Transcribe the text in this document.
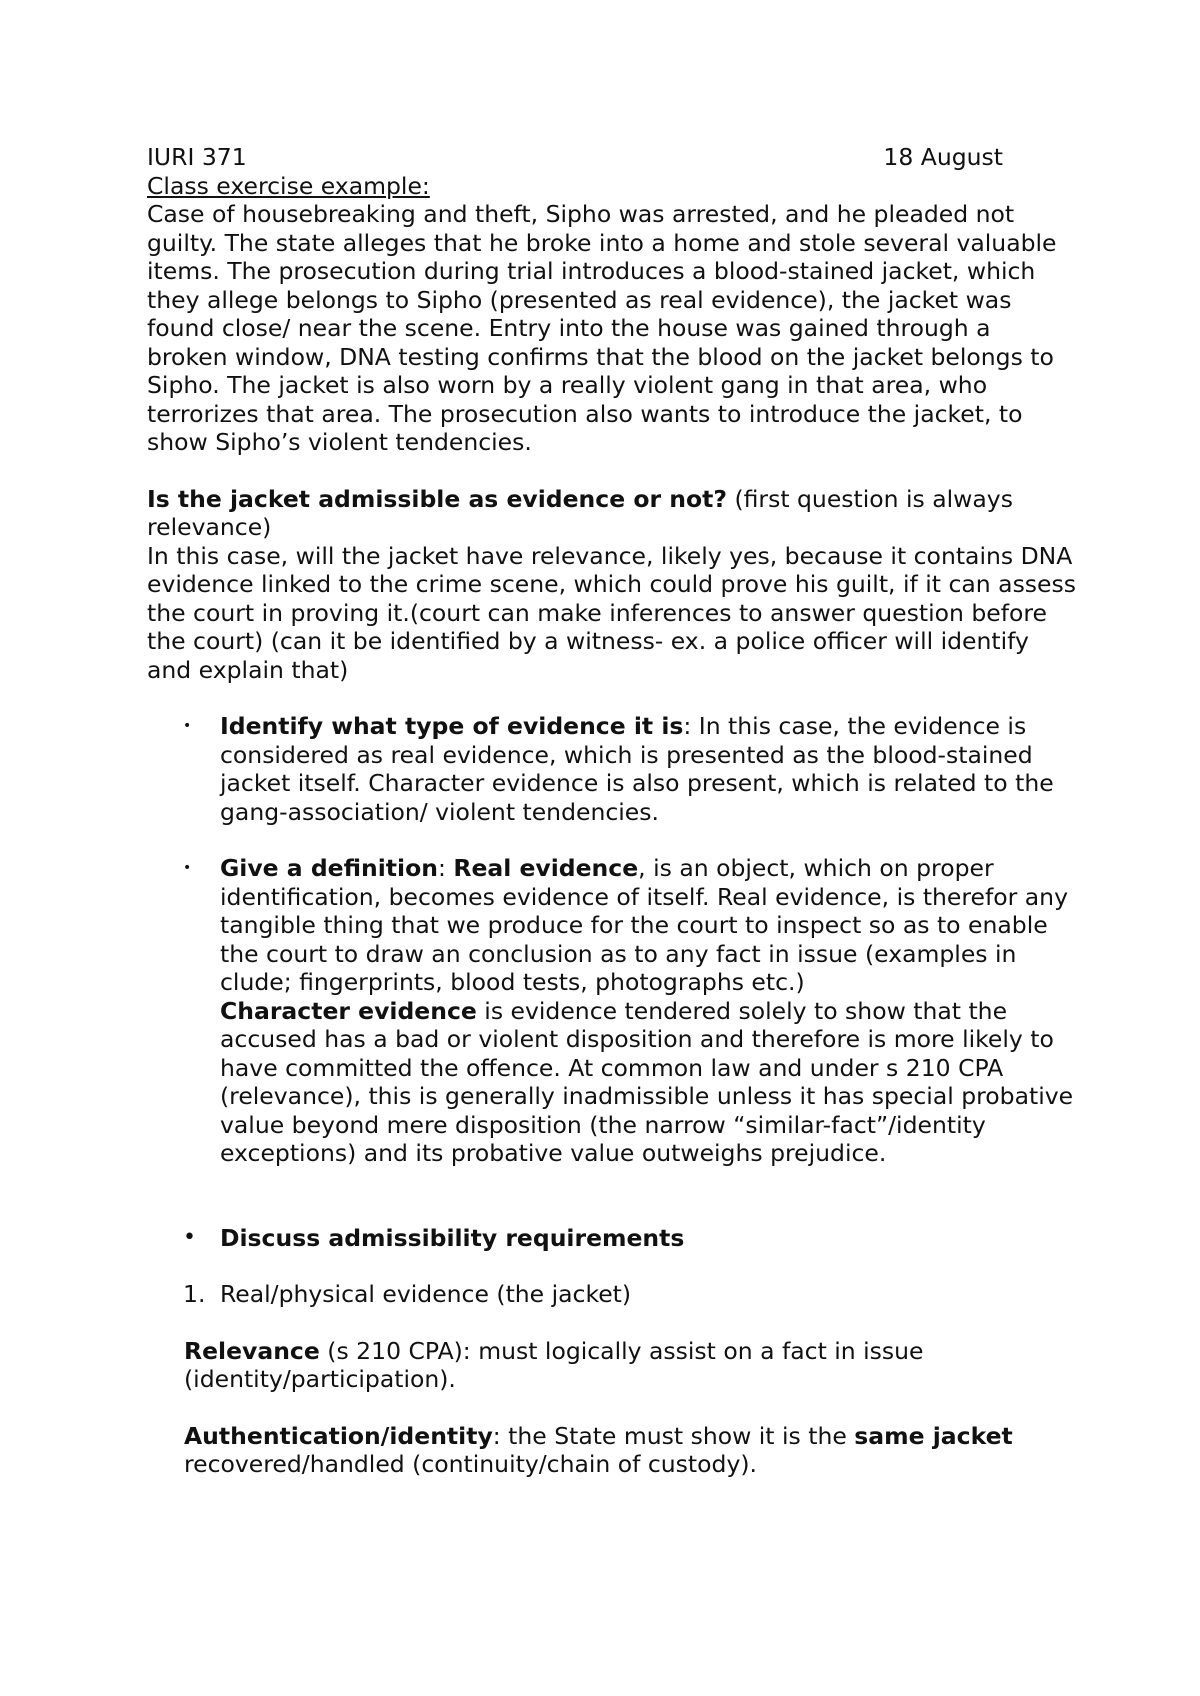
IURI 371	18 August

Class exercise example:

Case of housebreaking and theft, Sipho was arrested, and he pleaded not guilty. The state alleges that he broke into a home and stole several valuable items. The prosecution during trial introduces a blood-stained jacket, which they allege belongs to Sipho (presented as real evidence), the jacket was found close/ near the scene. Entry into the house was gained through a broken window, DNA testing confirms that the blood on the jacket belongs to Sipho. The jacket is also worn by a really violent gang in that area, who terrorizes that area. The prosecution also wants to introduce the jacket, to show Sipho’s violent tendencies.

Is the jacket admissible as evidence or not? (first question is always relevance)

In this case, will the jacket have relevance, likely yes, because it contains DNA evidence linked to the crime scene, which could prove his guilt, if it can assess the court in proving it.(court can make inferences to answer question before the court) (can it be identified by a witness- ex. a police officer will identify and explain that)

• Identify what type of evidence it is: In this case, the evidence is considered as real evidence, which is presented as the blood-stained jacket itself. Character evidence is also present, which is related to the gang-association/ violent tendencies.

• Give a definition: Real evidence, is an object, which on proper identification, becomes evidence of itself. Real evidence, is therefor any tangible thing that we produce for the court to inspect so as to enable the court to draw an conclusion as to any fact in issue (examples in clude; fingerprints, blood tests, photographs etc.)

Character evidence is evidence tendered solely to show that the accused has a bad or violent disposition and therefore is more likely to have committed the offence. At common law and under s 210 CPA (relevance), this is generally inadmissible unless it has special probative value beyond mere disposition (the narrow “similar-fact”/identity exceptions) and its probative value outweighs prejudice.

• Discuss admissibility requirements

1. Real/physical evidence (the jacket)

Relevance (s 210 CPA): must logically assist on a fact in issue (identity/participation).

Authentication/identity: the State must show it is the same jacket recovered/handled (continuity/chain of custody).
